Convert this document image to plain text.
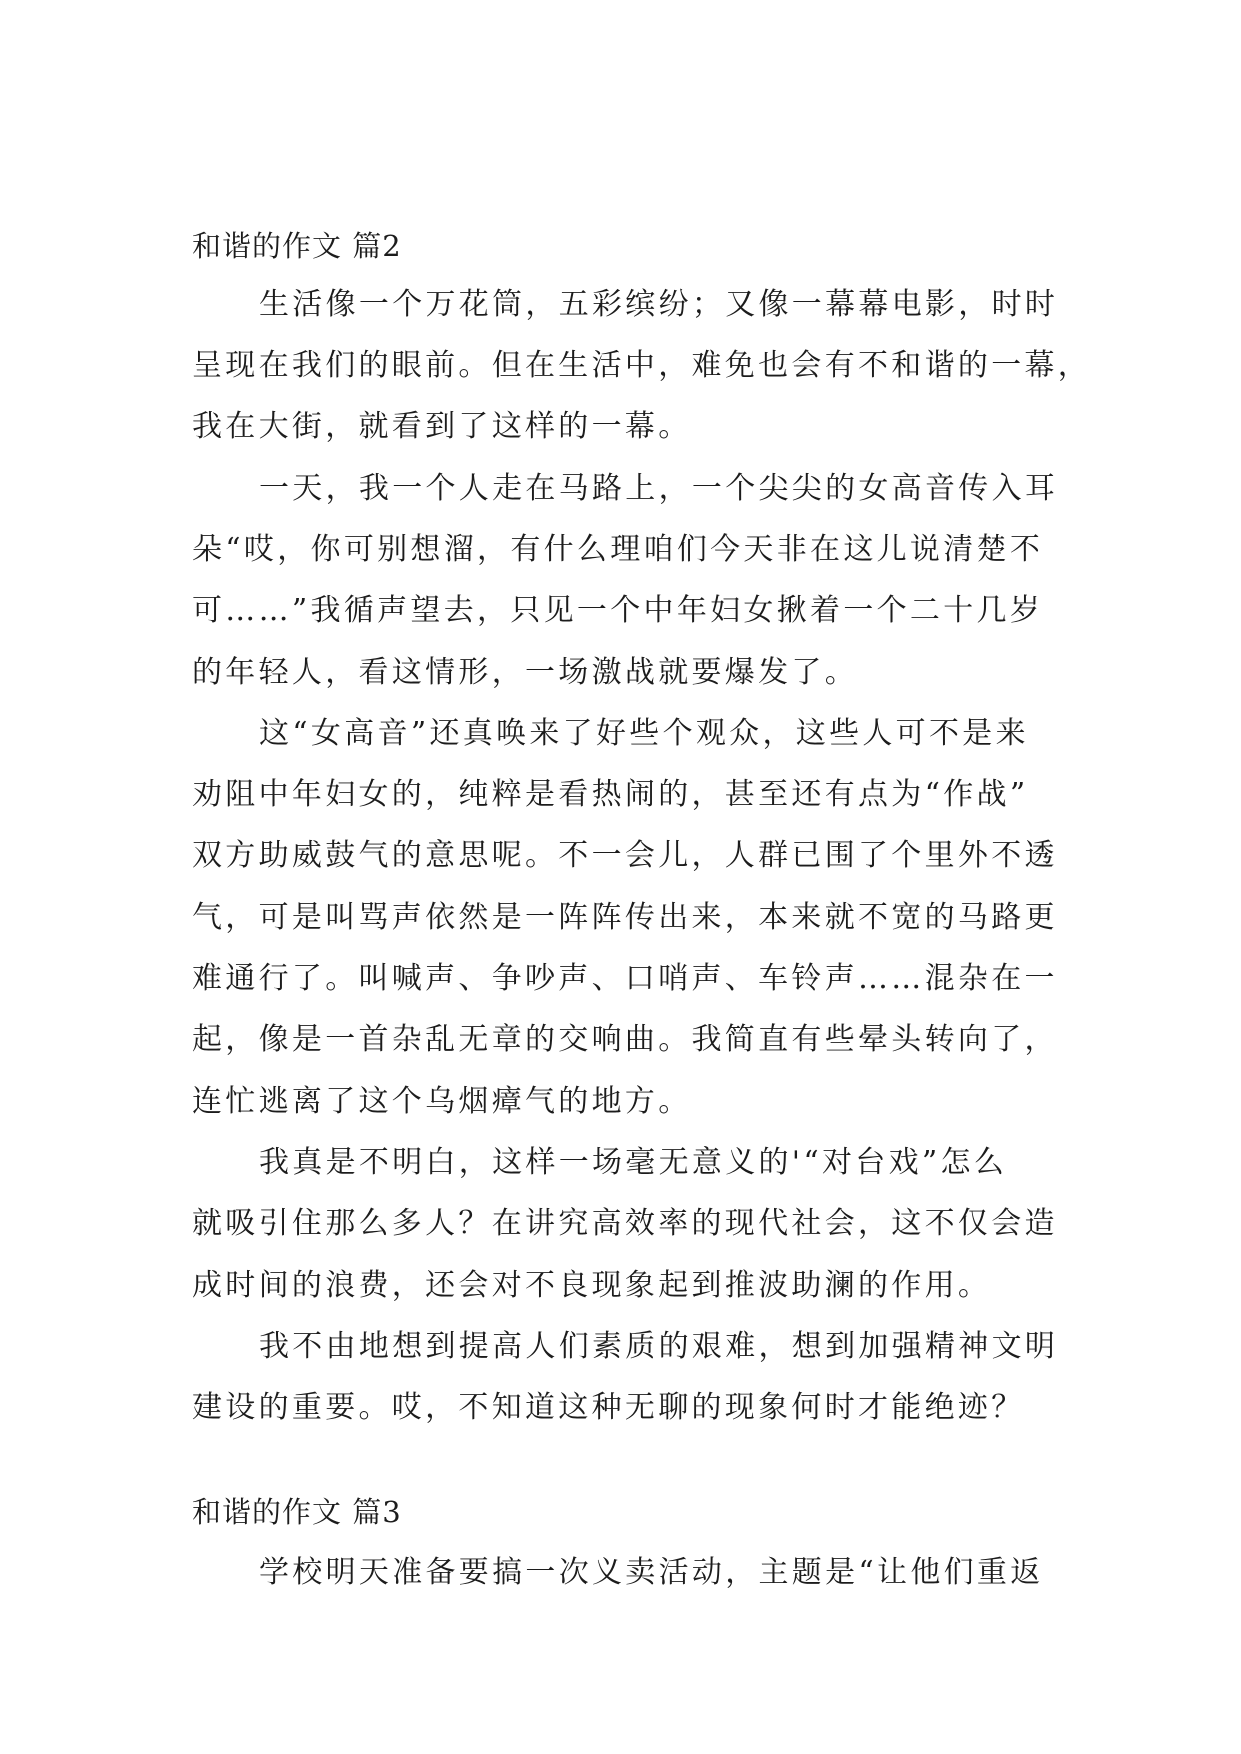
和谐的作文 篇2
生活像一个万花筒，五彩缤纷；又像一幕幕电影，时时
呈现在我们的眼前。但在生活中，难免也会有不和谐的一幕，
我在大街，就看到了这样的一幕。
一天，我一个人走在马路上，一个尖尖的女高音传入耳
朵“哎，你可别想溜，有什么理咱们今天非在这儿说清楚不
可……”我循声望去，只见一个中年妇女揪着一个二十几岁
的年轻人，看这情形，一场激战就要爆发了。
这“女高音”还真唤来了好些个观众，这些人可不是来
劝阻中年妇女的，纯粹是看热闹的，甚至还有点为“作战”
双方助威鼓气的意思呢。不一会儿，人群已围了个里外不透
气，可是叫骂声依然是一阵阵传出来，本来就不宽的马路更
难通行了。叫喊声、争吵声、口哨声、车铃声……混杂在一
起，像是一首杂乱无章的交响曲。我简直有些晕头转向了，
连忙逃离了这个乌烟瘴气的地方。
我真是不明白，这样一场毫无意义的'“对台戏”怎么
就吸引住那么多人？在讲究高效率的现代社会，这不仅会造
成时间的浪费，还会对不良现象起到推波助澜的作用。
我不由地想到提高人们素质的艰难，想到加强精神文明
建设的重要。哎，不知道这种无聊的现象何时才能绝迹？
和谐的作文 篇3
学校明天准备要搞一次义卖活动，主题是“让他们重返
